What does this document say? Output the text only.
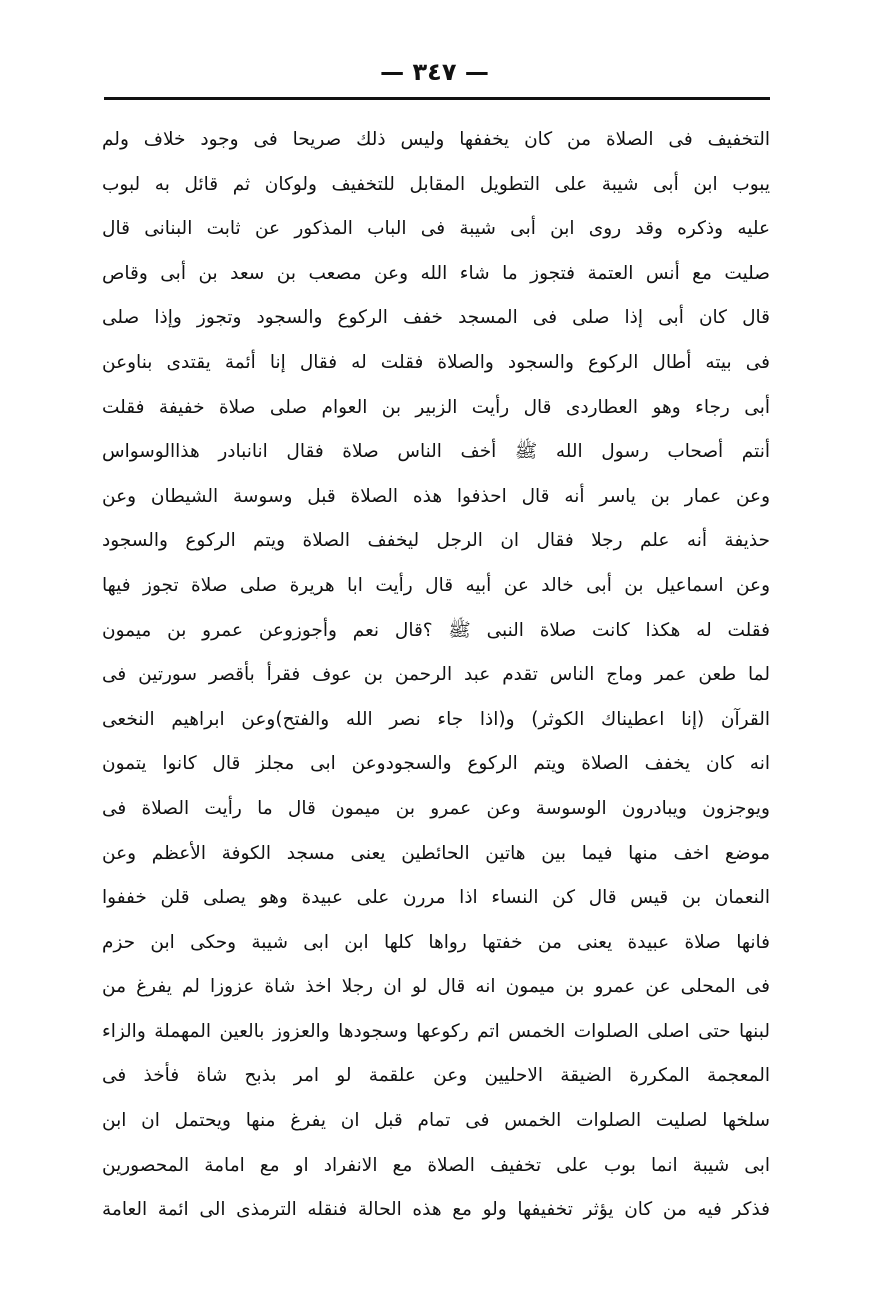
— ٣٤٧ —
التخفيف فى الصلاة من كان يخففها وليس ذلك صريحا فى وجود خلاف ولم
يبوب ابن أبى شيبة على التطويل المقابل للتخفيف ولوكان ثم قائل به لبوب
عليه وذكره وقد روى ابن أبى شيبة فى الباب المذكور عن ثابت البنانى قال
صليت مع أنس العتمة فتجوز ما شاء الله وعن مصعب بن سعد بن أبى وقاص
قال كان أبى إذا صلى فى المسجد خفف الركوع والسجود وتجوز وإذا صلى
فى بيته أطال الركوع والسجود والصلاة فقلت له فقال إنا أئمة يقتدى بناوعن
أبى رجاء وهو العطاردى قال رأيت الزبير بن العوام صلى صلاة خفيفة فقلت
أنتم أصحاب رسول الله ﷺ أخف الناس صلاة فقال انانبادر هذاالوسواس
وعن عمار بن ياسر أنه قال احذفوا هذه الصلاة قبل وسوسة الشيطان وعن
حذيفة أنه علم رجلا فقال ان الرجل ليخفف الصلاة ويتم الركوع والسجود
وعن اسماعيل بن أبى خالد عن أبيه قال رأيت ابا هريرة صلى صلاة تجوز فيها
فقلت له هكذا كانت صلاة النبى ﷺ ؟قال نعم وأجوزوعن عمرو بن ميمون
لما طعن عمر وماج الناس تقدم عبد الرحمن بن عوف فقرأ بأقصر سورتين فى
القرآن (إنا اعطيناك الكوثر) و(اذا جاء نصر الله والفتح)وعن ابراهيم النخعى
انه كان يخفف الصلاة ويتم الركوع والسجودوعن ابى مجلز قال كانوا يتمون
ويوجزون ويبادرون الوسوسة وعن عمرو بن ميمون قال ما رأيت الصلاة فى
موضع اخف منها فيما بين هاتين الحائطين يعنى مسجد الكوفة الأعظم وعن
النعمان بن قيس قال كن النساء اذا مررن على عبيدة وهو يصلى قلن خففوا
فانها صلاة عبيدة يعنى من خفتها رواها كلها ابن ابى شيبة وحكى ابن حزم
فى المحلى عن عمرو بن ميمون انه قال لو ان رجلا اخذ شاة عزوزا لم يفرغ من
لبنها حتى اصلى الصلوات الخمس اتم ركوعها وسجودها والعزوز بالعين المهملة والزاء
المعجمة المكررة الضيقة الاحليين وعن علقمة لو امر بذبح شاة فأخذ فى
سلخها لصليت الصلوات الخمس فى تمام قبل ان يفرغ منها ويحتمل ان ابن
ابى شيبة انما بوب على تخفيف الصلاة مع الانفراد او مع امامة المحصورين
فذكر فيه من كان يؤثر تخفيفها ولو مع هذه الحالة فنقله الترمذى الى ائمة العامة
